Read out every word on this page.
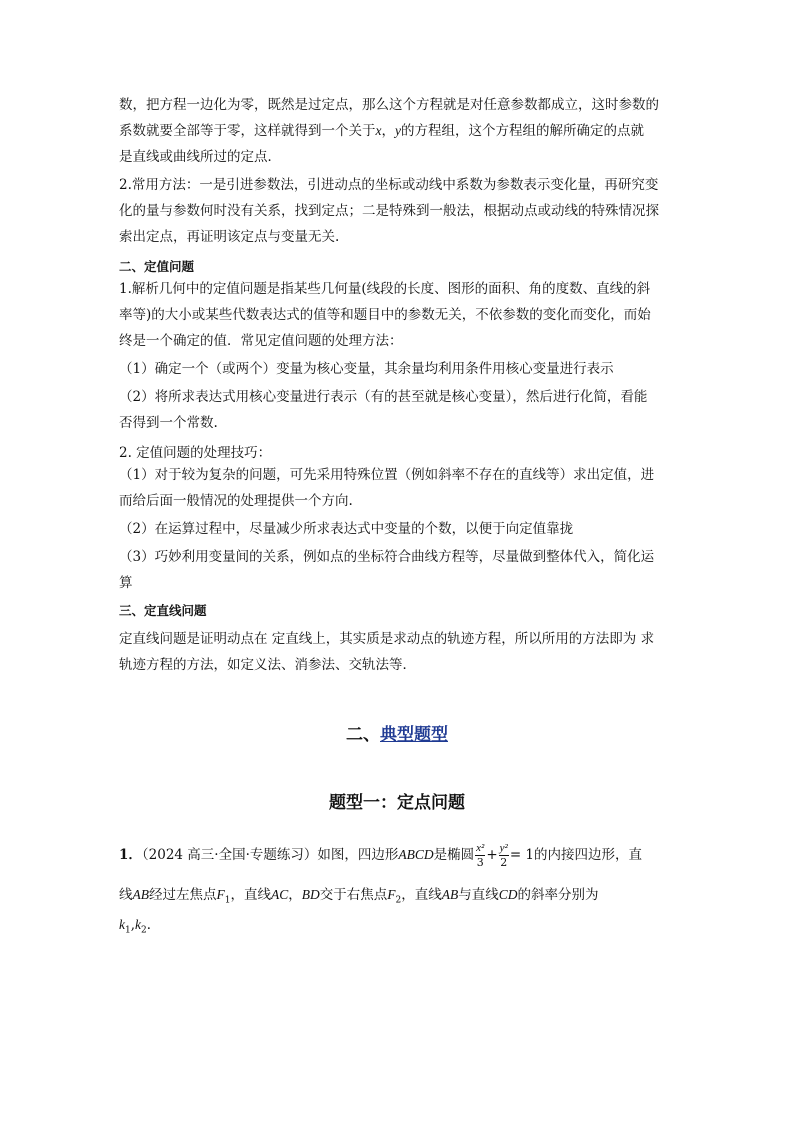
数，把方程一边化为零，既然是过定点，那么这个方程就是对任意参数都成立，这时参数的
系数就要全部等于零，这样就得到一个关于x，y的方程组，这个方程组的解所确定的点就
是直线或曲线所过的定点．
2.常用方法：一是引进参数法，引进动点的坐标或动线中系数为参数表示变化量，再研究变
化的量与参数何时没有关系，找到定点；二是特殊到一般法，根据动点或动线的特殊情况探
索出定点，再证明该定点与变量无关.
二、定值问题
1.解析几何中的定值问题是指某些几何量(线段的长度、图形的面积、角的度数、直线的斜
率等)的大小或某些代数表达式的值等和题目中的参数无关，不依参数的变化而变化，而始
终是一个确定的值．常见定值问题的处理方法：
（1）确定一个（或两个）变量为核心变量，其余量均利用条件用核心变量进行表示
（2）将所求表达式用核心变量进行表示（有的甚至就是核心变量），然后进行化简，看能
否得到一个常数.
2. 定值问题的处理技巧：
（1）对于较为复杂的问题，可先采用特殊位置（例如斜率不存在的直线等）求出定值，进
而给后面一般情况的处理提供一个方向.
（2）在运算过程中，尽量减少所求表达式中变量的个数，以便于向定值靠拢
（3）巧妙利用变量间的关系，例如点的坐标符合曲线方程等，尽量做到整体代入，简化运
算
三、定直线问题
定直线问题是证明动点在 定直线上，其实质是求动点的轨迹方程，所以所用的方法即为 求
轨迹方程的方法，如定义法、消参法、交轨法等．
二、典型题型
题型一：定点问题
1．（2024 高三·全国·专题练习）如图，四边形ABCD是椭圆 $\frac{\text{x²}}{3} + \frac{\text{y²}}{2} = 1$的内接四边形，直
线AB经过左焦点$F_1$，直线AC，BD交于右焦点$F_2$，直线AB与直线CD的斜率分别为
$k_1,k_2$．
